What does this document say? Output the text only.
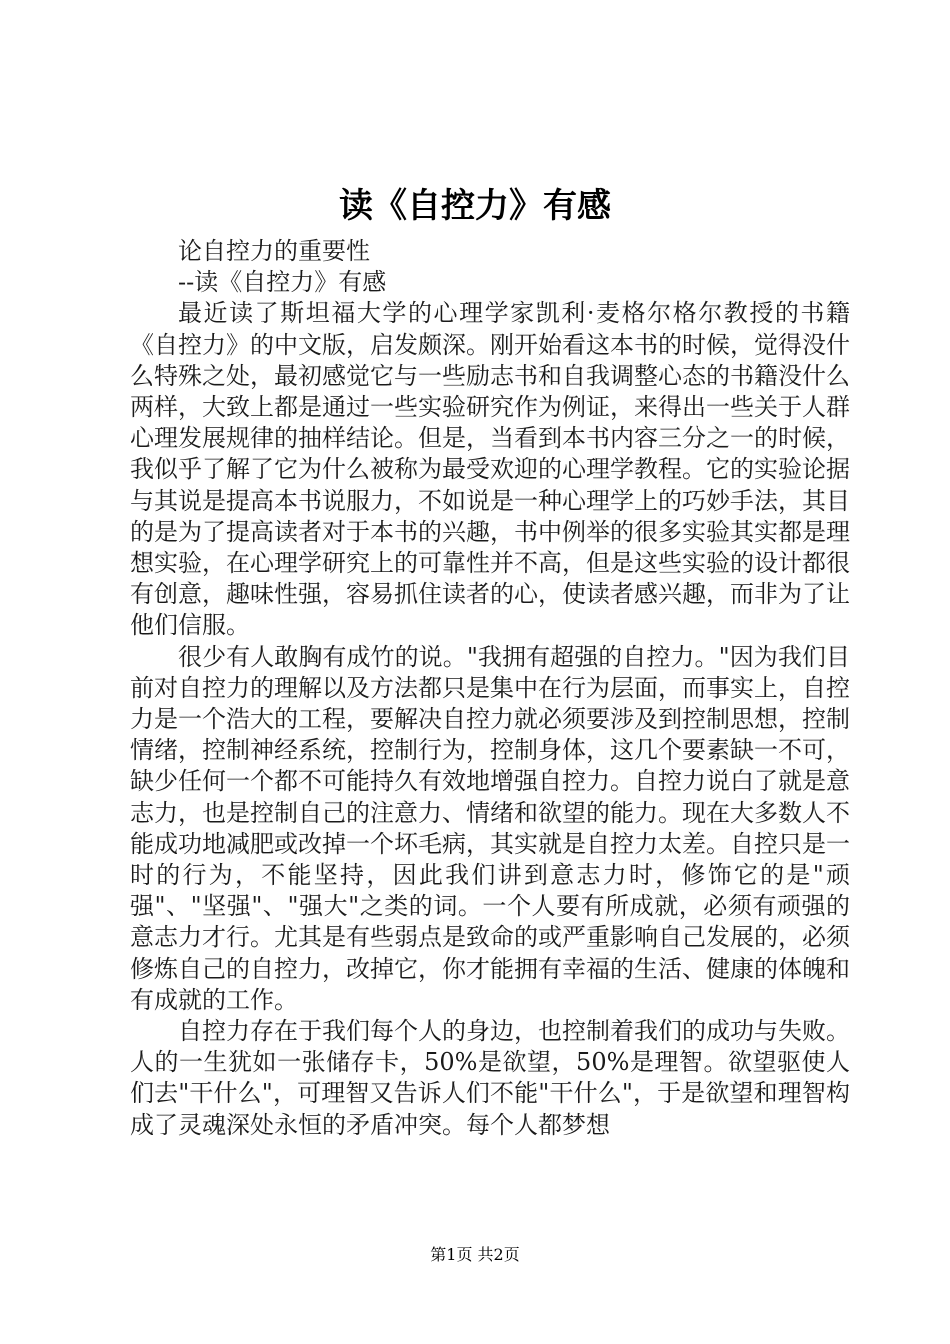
读《自控力》有感

论自控力的重要性

--读《自控力》有感

最近读了斯坦福大学的心理学家凯利·麦格尔格尔教授的书籍《自控力》的中文版，启发颇深。刚开始看这本书的时候，觉得没什么特殊之处，最初感觉它与一些励志书和自我调整心态的书籍没什么两样，大致上都是通过一些实验研究作为例证，来得出一些关于人群心理发展规律的抽样结论。但是，当看到本书内容三分之一的时候，我似乎了解了它为什么被称为最受欢迎的心理学教程。它的实验论据与其说是提高本书说服力，不如说是一种心理学上的巧妙手法，其目的是为了提高读者对于本书的兴趣，书中例举的很多实验其实都是理想实验，在心理学研究上的可靠性并不高，但是这些实验的设计都很有创意，趣味性强，容易抓住读者的心，使读者感兴趣，而非为了让他们信服。

很少有人敢胸有成竹的说。"我拥有超强的自控力。"因为我们目前对自控力的理解以及方法都只是集中在行为层面，而事实上，自控力是一个浩大的工程，要解决自控力就必须要涉及到控制思想，控制情绪，控制神经系统，控制行为，控制身体，这几个要素缺一不可，缺少任何一个都不可能持久有效地增强自控力。自控力说白了就是意志力，也是控制自己的注意力、情绪和欲望的能力。现在大多数人不能成功地减肥或改掉一个坏毛病，其实就是自控力太差。自控只是一时的行为，不能坚持，因此我们讲到意志力时，修饰它的是"顽强"、"坚强"、"强大"之类的词。一个人要有所成就，必须有顽强的意志力才行。尤其是有些弱点是致命的或严重影响自己发展的，必须修炼自己的自控力，改掉它，你才能拥有幸福的生活、健康的体魄和有成就的工作。

自控力存在于我们每个人的身边，也控制着我们的成功与失败。人的一生犹如一张储存卡，50%是欲望，50%是理智。欲望驱使人们去"干什么"，可理智又告诉人们不能"干什么"，于是欲望和理智构成了灵魂深处永恒的矛盾冲突。每个人都梦想

第1页 共2页
